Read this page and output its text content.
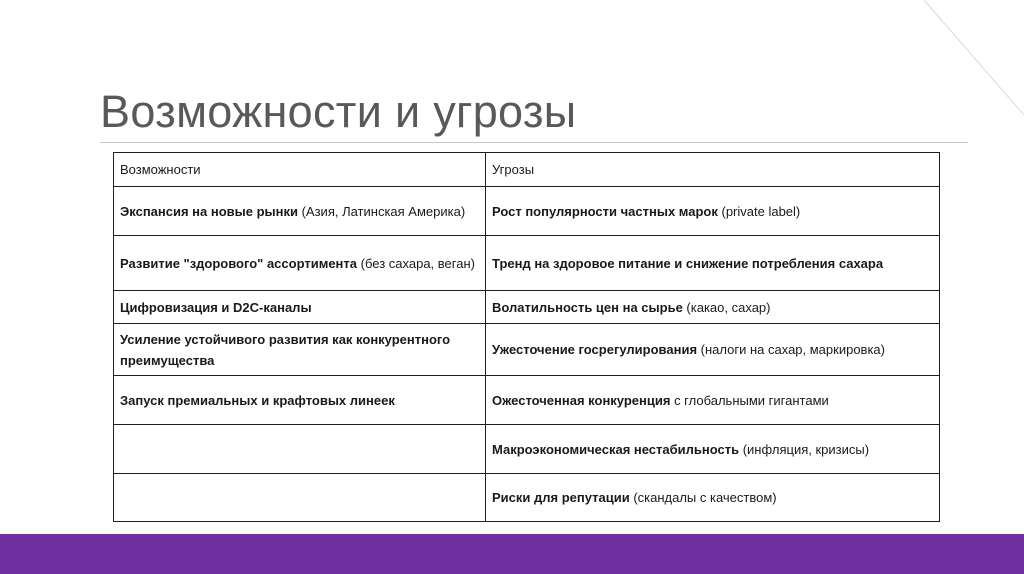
Возможности и угрозы
Возможности	Угрозы
Экспансия на новые рынки (Азия, Латинская Америка)	Рост популярности частных марок (private label)
Развитие "здорового" ассортимента (без сахара, веган)	Тренд на здоровое питание и снижение потребления сахара
Цифровизация и D2C-каналы	Волатильность цен на сырье (какао, сахар)
Усиление устойчивого развития как конкурентного преимущества	Ужесточение госрегулирования (налоги на сахар, маркировка)
Запуск премиальных и крафтовых линеек	Ожесточенная конкуренция с глобальными гигантами
	Макроэкономическая нестабильность (инфляция, кризисы)
	Риски для репутации (скандалы с качеством)
